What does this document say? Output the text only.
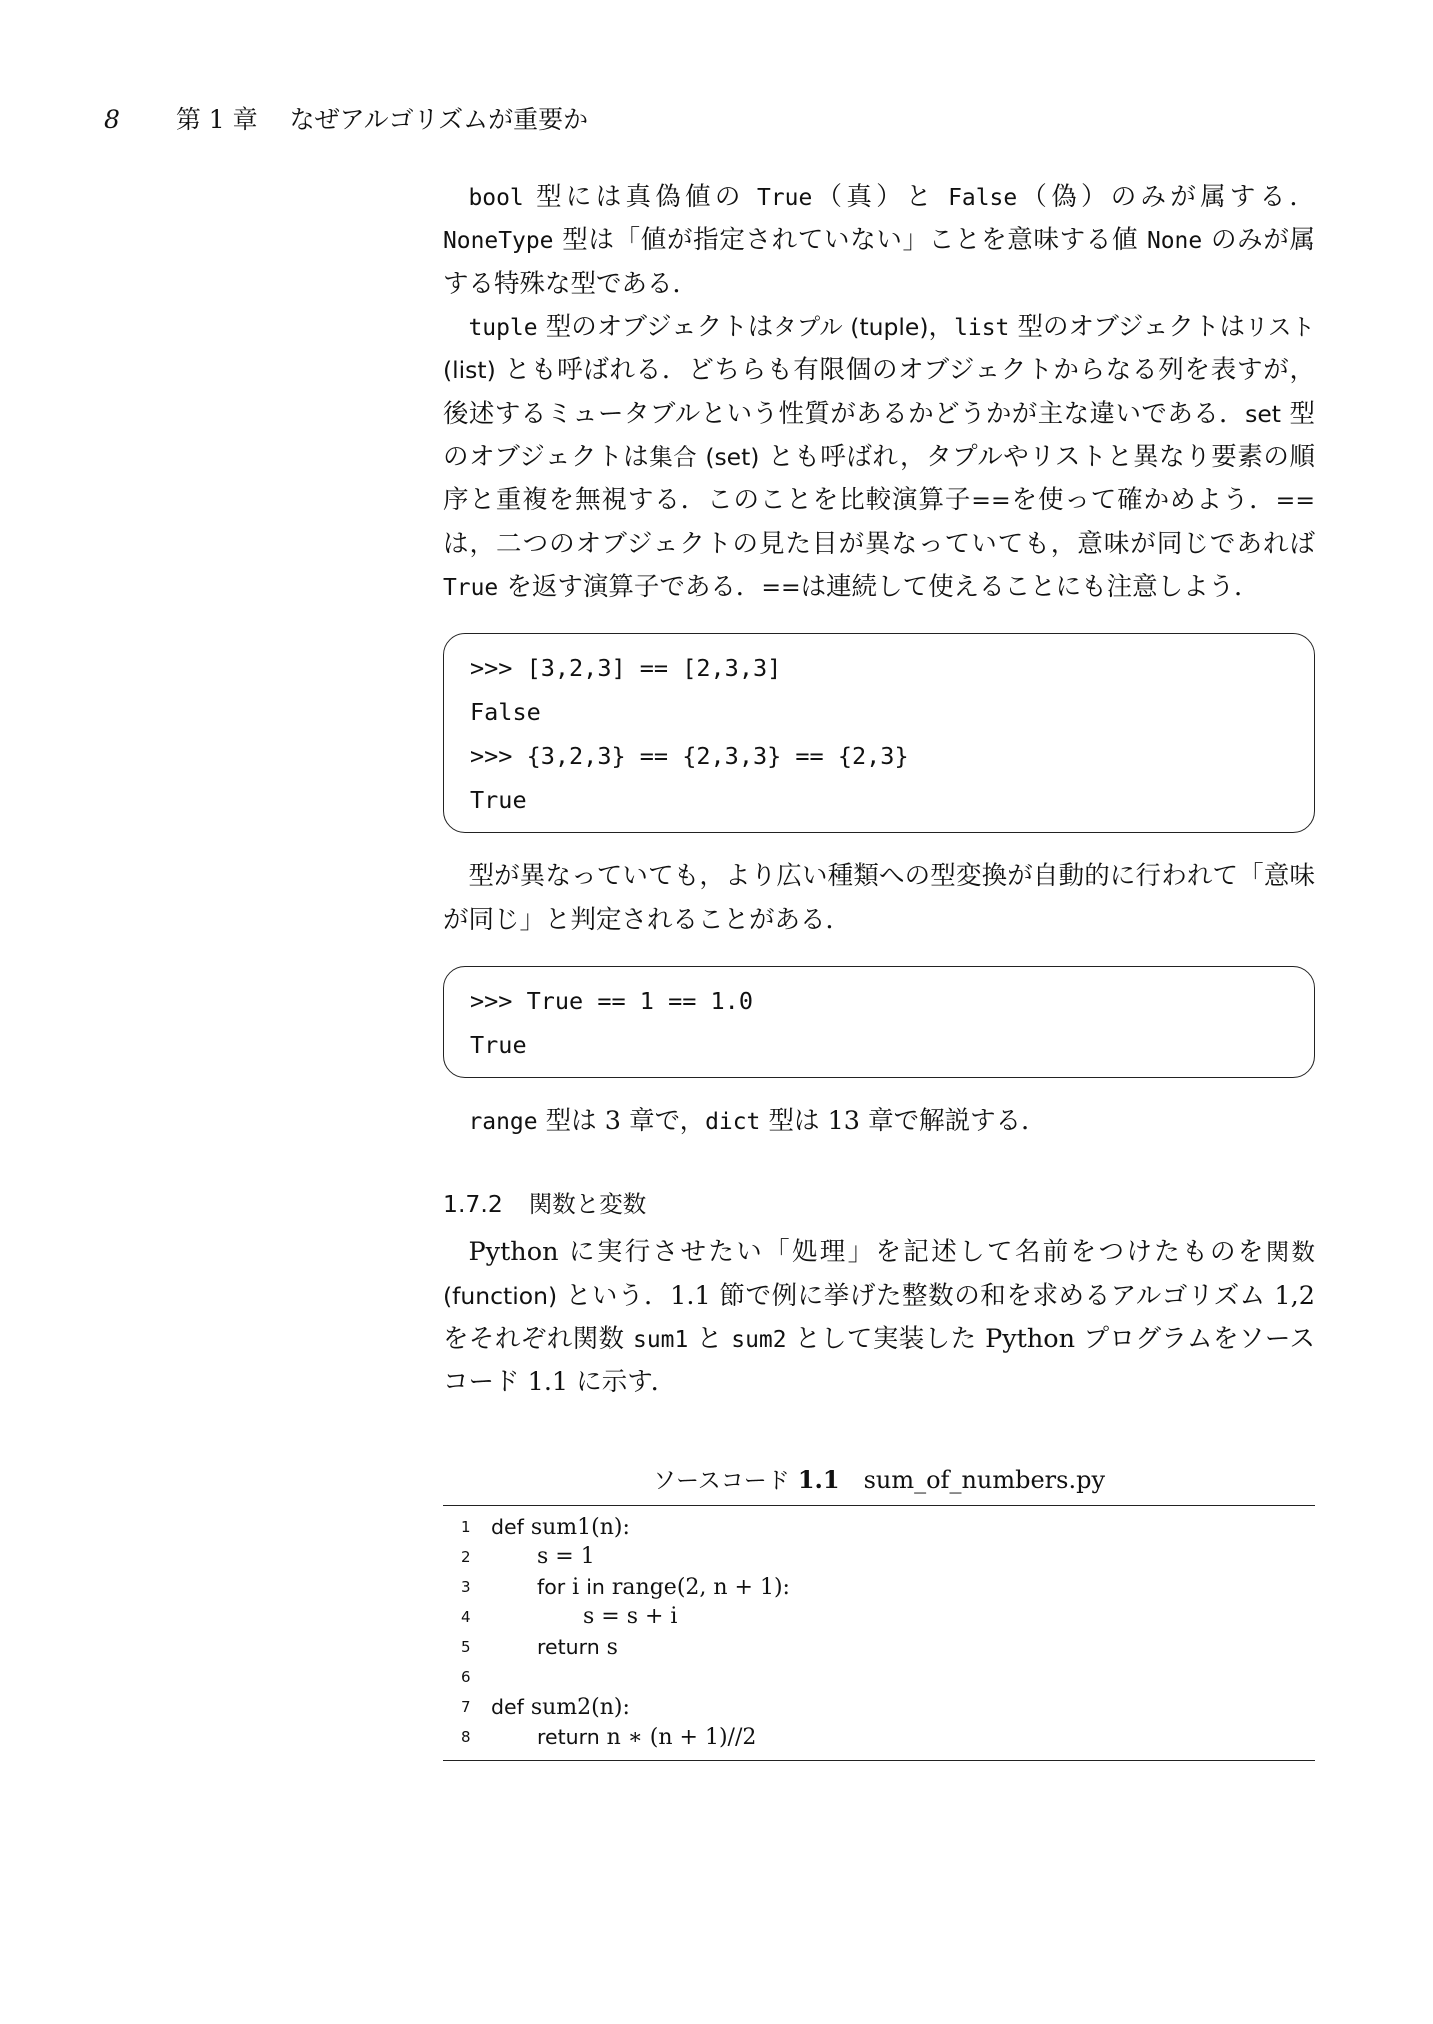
8 第 1 章 なぜアルゴリズムが重要か

bool 型には真偽値の True（真）と False（偽）のみが属する．NoneType 型は「値が指定されていない」ことを意味する値 None のみが属する特殊な型である．

tuple 型のオブジェクトはタプル (tuple)，list 型のオブジェクトはリスト (list) とも呼ばれる．どちらも有限個のオブジェクトからなる列を表すが，後述するミュータブルという性質があるかどうかが主な違いである．set 型のオブジェクトは集合 (set) とも呼ばれ，タプルやリストと異なり要素の順序と重複を無視する．このことを比較演算子==を使って確かめよう．==は，二つのオブジェクトの見た目が異なっていても，意味が同じであれば True を返す演算子である．==は連続して使えることにも注意しよう．

>>> [3,2,3] == [2,3,3]
False
>>> {3,2,3} == {2,3,3} == {2,3}
True

型が異なっていても，より広い種類への型変換が自動的に行われて「意味が同じ」と判定されることがある．

>>> True == 1 == 1.0
True

range 型は 3 章で，dict 型は 13 章で解説する．

1.7.2 関数と変数

Python に実行させたい「処理」を記述して名前をつけたものを関数 (function) という．1.1 節で例に挙げた整数の和を求めるアルゴリズム 1,2 をそれぞれ関数 sum1 と sum2 として実装した Python プログラムをソースコード 1.1 に示す．

ソースコード 1.1 sum_of_numbers.py
1 def sum1(n):
2	s = 1
3	for i in range(2, n + 1):
4	s = s + i
5	return s
6
7 def sum2(n):
8	return n ∗ (n + 1)//2
